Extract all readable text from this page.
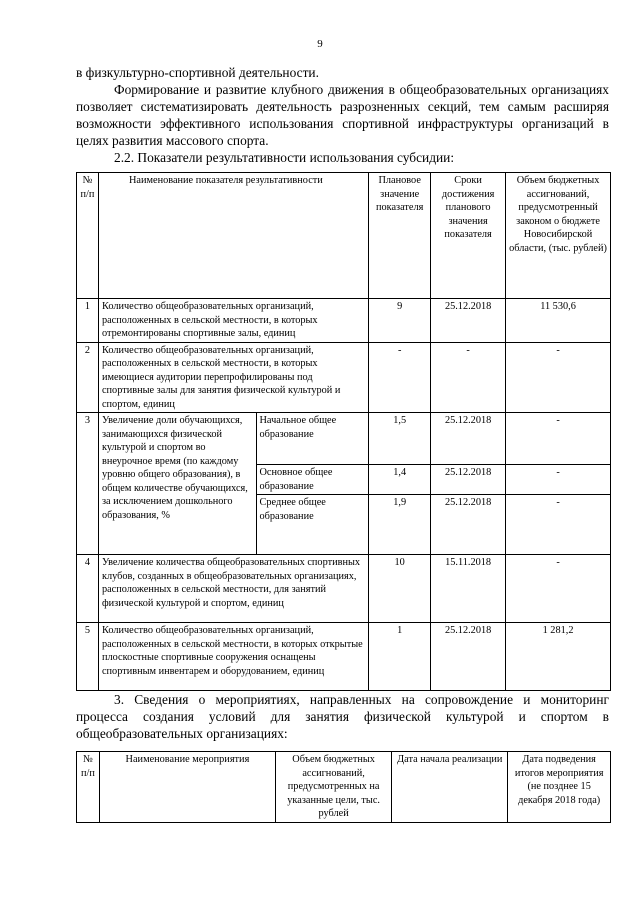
9
в физкультурно-спортивной деятельности.
Формирование и развитие клубного движения в общеобразовательных организациях позволяет систематизировать деятельность разрозненных секций, тем самым расширяя возможности эффективного использования спортивной инфраструктуры организаций в целях развития массового спорта.
2.2. Показатели результативности использования субсидии:
№ п/п	Наименование показателя результативности		Плановое значение показателя	Сроки достижения планового значения показателя	Объем бюджетных ассигнований, предусмотренный законом о бюджете Новосибирской области, (тыс. рублей)
1	Количество общеобразовательных организаций, расположенных в сельской местности, в которых отремонтированы спортивные залы, единиц		9	25.12.2018	11 530,6
2	Количество общеобразовательных организаций, расположенных в сельской местности, в которых имеющиеся аудитории перепрофилированы под спортивные залы для занятия физической культурой и спортом, единиц		-	-	-
3	Увеличение доли обучающихся, занимающихся физической культурой и спортом во внеурочное время (по каждому уровню общего образования), в общем количестве обучающихся, за исключением дошкольного образования, %	Начальное общее образование	1,5	25.12.2018	-
		Основное общее образование	1,4	25.12.2018	-
		Среднее общее образование	1,9	25.12.2018	-
4	Увеличение количества общеобразовательных спортивных клубов, созданных в общеобразовательных организациях, расположенных в сельской местности, для занятий физической культурой и спортом, единиц		10	15.11.2018	-
5	Количество общеобразовательных организаций, расположенных в сельской местности, в которых открытые плоскостные спортивные сооружения оснащены спортивным инвентарем и оборудованием, единиц		1	25.12.2018	1 281,2
3. Сведения о мероприятиях, направленных на сопровождение и мониторинг процесса создания условий для занятия физической культурой и спортом в общеобразовательных организациях:
№ п/п	Наименование мероприятия	Объем бюджетных ассигнований, предусмотренных на указанные цели, тыс. рублей	Дата начала реализации	Дата подведения итогов мероприятия (не позднее 15 декабря 2018 года)
